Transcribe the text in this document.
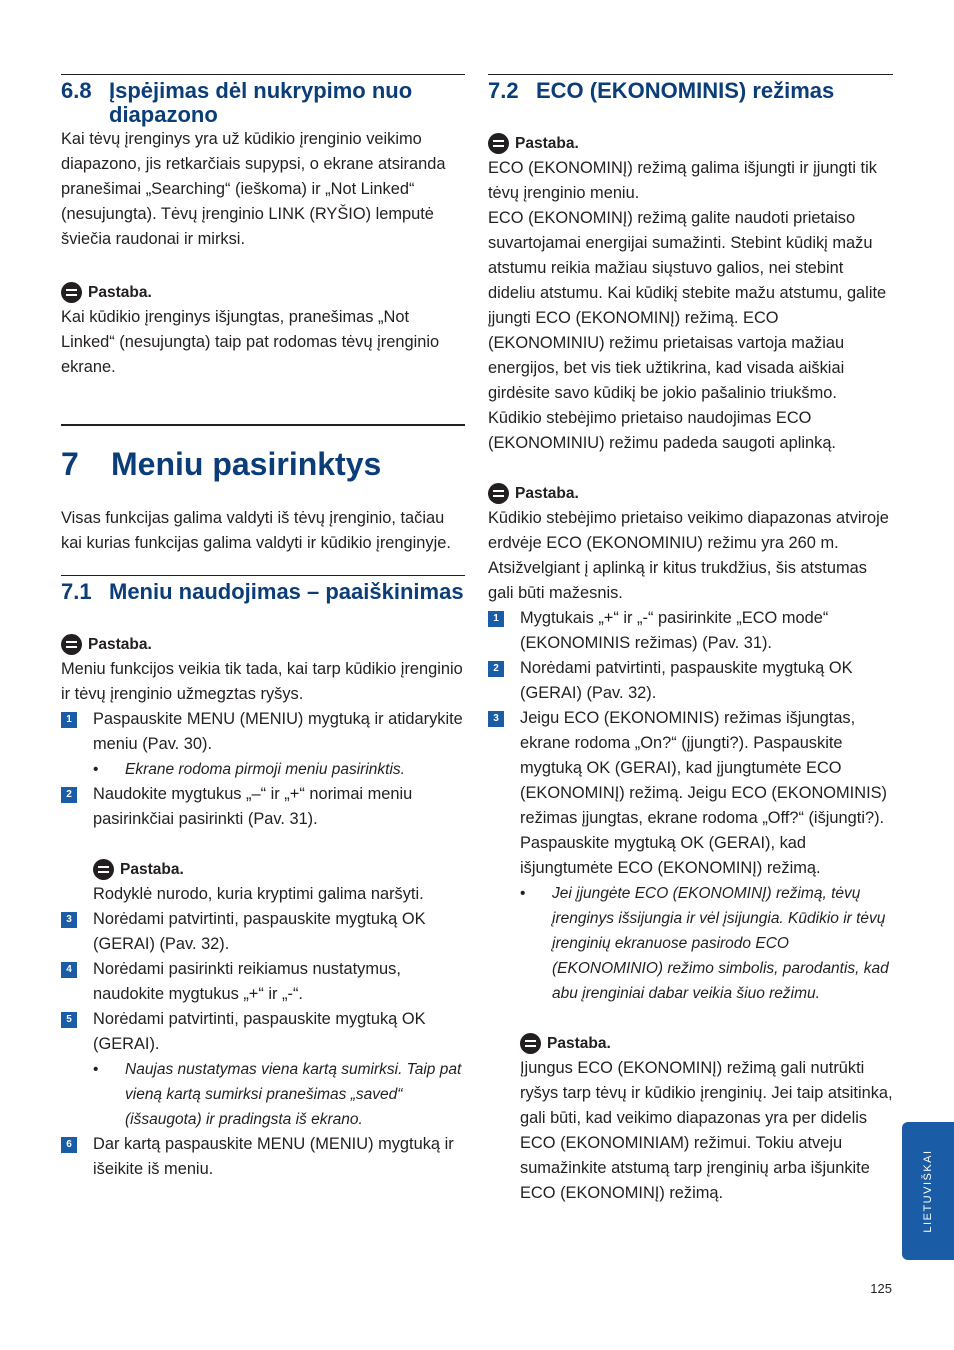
6.8 Įspėjimas dėl nukrypimo nuo diapazono

Kai tėvų įrenginys yra už kūdikio įrenginio veikimo diapazono, jis retkarčiais supypsi, o ekrane atsiranda pranešimai „Searching“ (ieškoma) ir „Not Linked“ (nesujungta). Tėvų įrenginio LINK (RYŠIO) lemputė šviečia raudonai ir mirksi.

Pastaba.

Kai kūdikio įrenginys išjungtas, pranešimas „Not Linked“ (nesujungta) taip pat rodomas tėvų įrenginio ekrane.

7	Meniu pasirinktys

Visas funkcijas galima valdyti iš tėvų įrenginio, tačiau kai kurias funkcijas galima valdyti ir kūdikio įrenginyje.

7.1 Meniu naudojimas – paaiškinimas
Pastaba.

Meniu funkcijos veikia tik tada, kai tarp kūdikio įrenginio ir tėvų įrenginio užmegztas ryšys.

1	Paspauskite MENU (MENIU) mygtuką ir atidarykite meniu (Pav. 30).
•	Ekrane rodoma pirmoji meniu pasirinktis.
2	Naudokite mygtukus „–“ ir „+“ norimai meniu pasirinkčiai pasirinkti (Pav. 31).
Pastaba.

Rodyklė nurodo, kuria kryptimi galima naršyti.

3	Norėdami patvirtinti, paspauskite mygtuką OK (GERAI) (Pav. 32).
4	Norėdami pasirinkti reikiamus nustatymus, naudokite mygtukus „+“ ir „-“.
5	Norėdami patvirtinti, paspauskite mygtuką OK (GERAI).
•	Naujas nustatymas viena kartą sumirksi. Taip pat vieną kartą sumirksi pranešimas „saved“ (išsaugota) ir pradingsta iš ekrano.
6	Dar kartą paspauskite MENU (MENIU) mygtuką ir išeikite iš meniu.
7.2 ECO (EKONOMINIS) režimas
Pastaba.

ECO (EKONOMINĮ) režimą galima išjungti ir įjungti tik tėvų įrenginio meniu.

ECO (EKONOMINĮ) režimą galite naudoti prietaiso suvartojamai energijai sumažinti. Stebint kūdikį mažu atstumu reikia mažiau siųstuvo galios, nei stebint dideliu atstumu. Kai kūdikį stebite mažu atstumu, galite įjungti ECO (EKONOMINĮ) režimą. ECO (EKONOMINIU) režimu prietaisas vartoja mažiau energijos, bet vis tiek užtikrina, kad visada aiškiai girdėsite savo kūdikį be jokio pašalinio triukšmo. Kūdikio stebėjimo prietaiso naudojimas ECO (EKONOMINIU) režimu padeda saugoti aplinką.

Pastaba.

Kūdikio stebėjimo prietaiso veikimo diapazonas atviroje erdvėje ECO (EKONOMINIU) režimu yra 260 m. Atsižvelgiant į aplinką ir kitus trukdžius, šis atstumas gali būti mažesnis.

1	Mygtukais „+“ ir „-“ pasirinkite „ECO mode“ (EKONOMINIS režimas) (Pav. 31).
2	Norėdami patvirtinti, paspauskite mygtuką OK (GERAI) (Pav. 32).
3	Jeigu ECO (EKONOMINIS) režimas išjungtas, ekrane rodoma „On?“ (įjungti?). Paspauskite mygtuką OK (GERAI), kad įjungtumėte ECO (EKONOMINĮ) režimą. Jeigu ECO (EKONOMINIS) režimas įjungtas, ekrane rodoma „Off?“ (išjungti?). Paspauskite mygtuką OK (GERAI), kad išjungtumėte ECO (EKONOMINĮ) režimą.
•	Jei įjungėte ECO (EKONOMINĮ) režimą, tėvų įrenginys išsijungia ir vėl įsijungia. Kūdikio ir tėvų įrenginių ekranuose pasirodo ECO (EKONOMINIO) režimo simbolis, parodantis, kad abu įrenginiai dabar veikia šiuo režimu.
Pastaba.

Įjungus ECO (EKONOMINĮ) režimą gali nutrūkti ryšys tarp tėvų ir kūdikio įrenginių. Jei taip atsitinka, gali būti, kad veikimo diapazonas yra per didelis ECO (EKONOMINIAM) režimui. Tokiu atveju sumažinkite atstumą tarp įrenginių arba išjunkite ECO (EKONOMINĮ) režimą.	LIETUVIŠKAI
125
